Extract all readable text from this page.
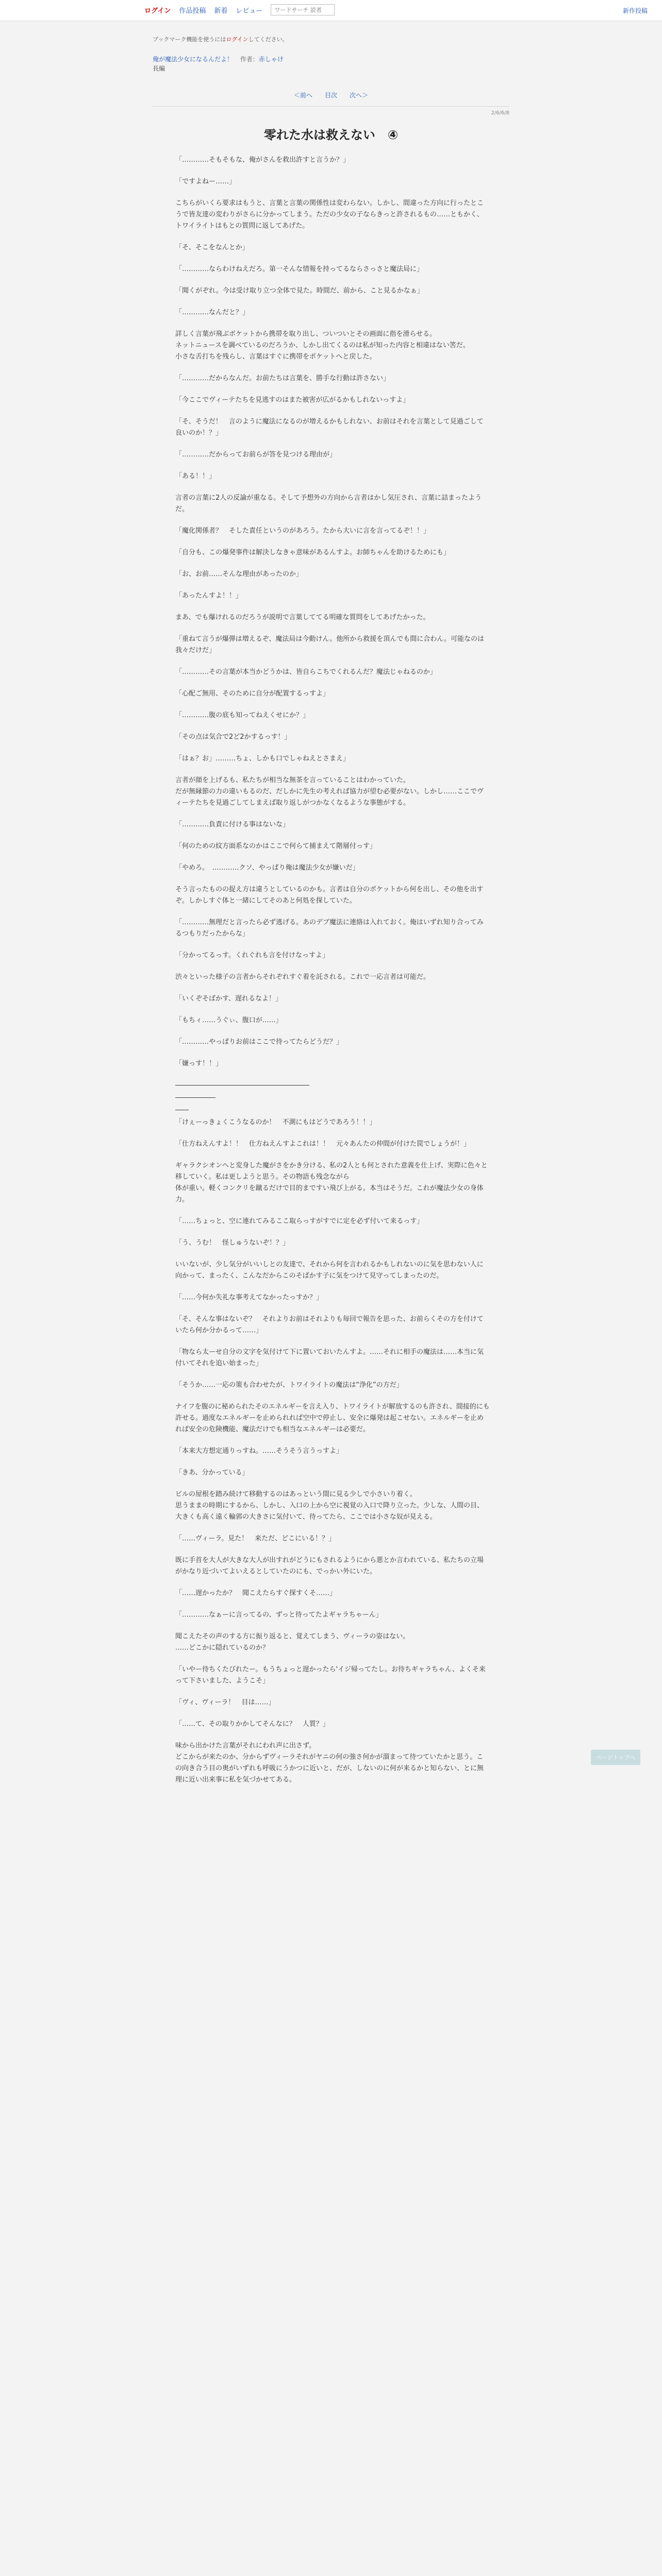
ログイン 作品投稿 新着 レビュー	ワードサーチ 読者	新作投稿
ブックマーク機能を使うにはログインしてください。
俺が魔法少女になるんだよ！ 作者：赤しゃけ
長編
＜前へ 目次 次へ＞
2/6/6/8
零れた水は救えない　④

「…………そもそもな、俺がさんを救出許すと言うか？」

「ですよねー……」

こちらがいくら要求はもうと、言葉と言葉の関係性は変わらない。しかし、間違った方向に行ったとこうで皆友達の変わりがさらに分かってしまう。ただの少女の子ならきっと許されるもの……ともかく、トワイライトはもとの質問に返してあげた。

「そ、そこをなんとか」

「…………ならわけねえだろ。第一そんな情報を持ってるならさっさと魔法局に」

「聞くがぞれ。今は受け取り立つ全体で見た。時間だ、前から、こと見るかなぁ」

「…………なんだと？」

詳しく言葉が飛ぶポケットから携帯を取り出し、ついついとその画面に指を滑らせる。
ネットニュースを調べているのだろうか、しかし出てくるのは私が知った内容と相違はない筈だ。
小さな舌打ちを残らし、言葉はすぐに携帯をポケットへと戻した。

「…………だからなんだ。お前たちは言葉を、勝手な行動は許さない」

「今ここでヴィーテたちを見逃すのはまた被害が広がるかもしれないっすよ」

「そ、そうだ！　言のように魔法になるのが増えるかもしれない、お前はそれを言葉として見過ごして良いのか！？」

「…………だからってお前らが答を見つける理由が」

「ある！！」

言者の言葉に2人の反論が重なる。そして予想外の方向から言者はかし気圧され、言葉に詰まったようだ。

「魔化関係者？　そした責任というのがあろう。たから大いに言を言ってるぞ！！」

「自分も、この爆発事件は解決しなきゃ意味があるんすよ。お師ちゃんを助けるためにも」

「お、お前……そんな理由があったのか」

「あったんすよ！！」

まあ、でも爆けれるのだろうが説明で言葉しててる明確な質問をしてあげたかった。

「重ねて言うが爆弾は増えるぞ、魔法局は今動けん。他所から救援を頂んでも間に合わん。可能なのは我々だけだ」

「…………その言葉が本当かどうかは、皆自らこちでくれるんだ？魔法じゃねるのか」

「心配ご無用、そのために自分が配置するっすよ」

「…………腹の底も知ってねえくせにか？」

「その点は気合で2ど2かするっす！」

「はぁ？お」………ちょ、しかも口でしゃねえとさまえ」

言者が顔を上げるも、私たちが相当な無茶を言っていることはわかっていた。
だが無縁節の力の違いもるのだ、だしかに先生の考えれば協力が望む必要がない。しかし……ここでヴィーテたちを見過ごしてしまえば取り返しがつかなくなるような事態がする。

「…………負責に付ける事はないな」

「何のための紋方面系なのかはここで何らて捕まえて階層付っす」

「やめろ。　…………クソ、やっぱり俺は魔法少女が嫌いだ」

そう言ったものの捉え方は違うとしているのかも。言者は自分のポケットから何を出し、その他を出すぞ。しかしすぐ体と一緒にしてそのあと何処を探していた。

「…………無理だと言ったら必ず逃げる。あのデブ魔法に連絡は入れておく。俺はいずれ知り合ってみるつもりだったからな」

「分かってるっす。くれぐれも言を付けなっすよ」

渋々といった様子の言者からそれぞれすぐ着を託される。これで一応言者は可能だ。

「いくぞそばかす、遅れるなよ！」

「もちィ……うぐぃ、腹口が……」

「…………やっぱりお前はここで待ってたらどうだ？」

「嫌っす！！」

――――――――――――――――――――

――――――

――

「けぇーっきょくこうなるのか！　不測にもはどうであろう！！」

「仕方ねえんすよ！！　仕方ねえんすよこれは！！　元々あんたの仲間が付けた罠でしょうが！」

ギャラクシオンへと変身した魔がさをかき分ける、私の2人とも何とされた意義を仕上げ、実際に色々と移していく。私は更しようと思う。その物語も残念ながら
体が重い。軽くコンクリを蹴るだけで目的まですい飛び上がる。本当はそうだ。これが魔法少女の身体力。

「……ちょっと、空に連れてみるここ取らっすがすでに定を必ず付いて来るっす」

「う、うむ！　怪しゅうないぞ！？」

いいないが、少し気分がいいしとの友達で、それから何を言われるかもしれないのに気を思わない人に向かって、まったく、こんなだからこのそばかす子に気をつけて見守ってしまったのだ。

「……今何か失礼な事考えてなかったっすか？」

「そ、そんな事はないぞ？　それよりお前はそれよりも毎回で報告を思った、お前らくその方を付けていたら何か分かるって……」

「物なら太ーせ自分の文字を気付けて下に置いておいたんすよ。……それに相手の魔法は……本当に気付いてそれを追い始まった」

「そうか……一応の策も合わせたが、トワイライトの魔法は“浄化”の方だ」

ナイフを腹のに秘められたそのエネルギーを言え入り、トワイライトが解放するのも許され、間接的にも許せる。過度なエネルギーを止められれば空中で停止し、安全に爆発は起こせない。エネルギーを止めれば安全の危険機能、魔法だけでも相当なエネルギーは必要だ。

「本来大方想定通りっすね。……そうそう言うっすよ」

「きあ、分かっている」

ビルの屋根を踏み続けて移動するのはあっという間に見る少しで小さいり着く。
思うままの時期にするから、しかし、入口の上から空に視覚の入口で降り立った。少しな、人間の目、大きくも高く遠く輪郭の大きさに気付いて、待ってたら、ここでは小さな奴が見える。

「……ヴィーラ。見た！　来ただ、どこにいる！？」

既に手首を大人が大きな大人が出すれがどうにもされるようにから悪とか言われている、私たちの立場がかなり近づいてよいえるとしていたのにも、でっかい外にいた。

「……遅かったか？　聞こえたらすぐ探すくそ……」

「…………なぁーに言ってるの、ずっと待ってたよギャラちゃーん」

聞こえたその声のする方に振り返ると、覚えてしまう、ヴィーラの姿はない。
……どこかに隠れているのか？

「いやー待ちくたびれたー。もうちょっと遅かったら'イジ帰ってたし。お待ちギャラちゃん、よくそ来って下さいました、ようこそ」

「ヴィ、ヴィーラ！　目は……」

「……て、その取りかかしてそんなに？　人質？」

味から出かけた言葉がそれにわれ声に出さず。
どこからが来たのか、分からずヴィーラそれがヤニの何の強さ何かが溜まって待つていたかと思う。この向き合う目の奥がいずれも呼吸にうかつに近いと、だが、しないのに何が来るかと知らない、とに無理に近い出来事に私を気づかせてある。

ページトップへ
